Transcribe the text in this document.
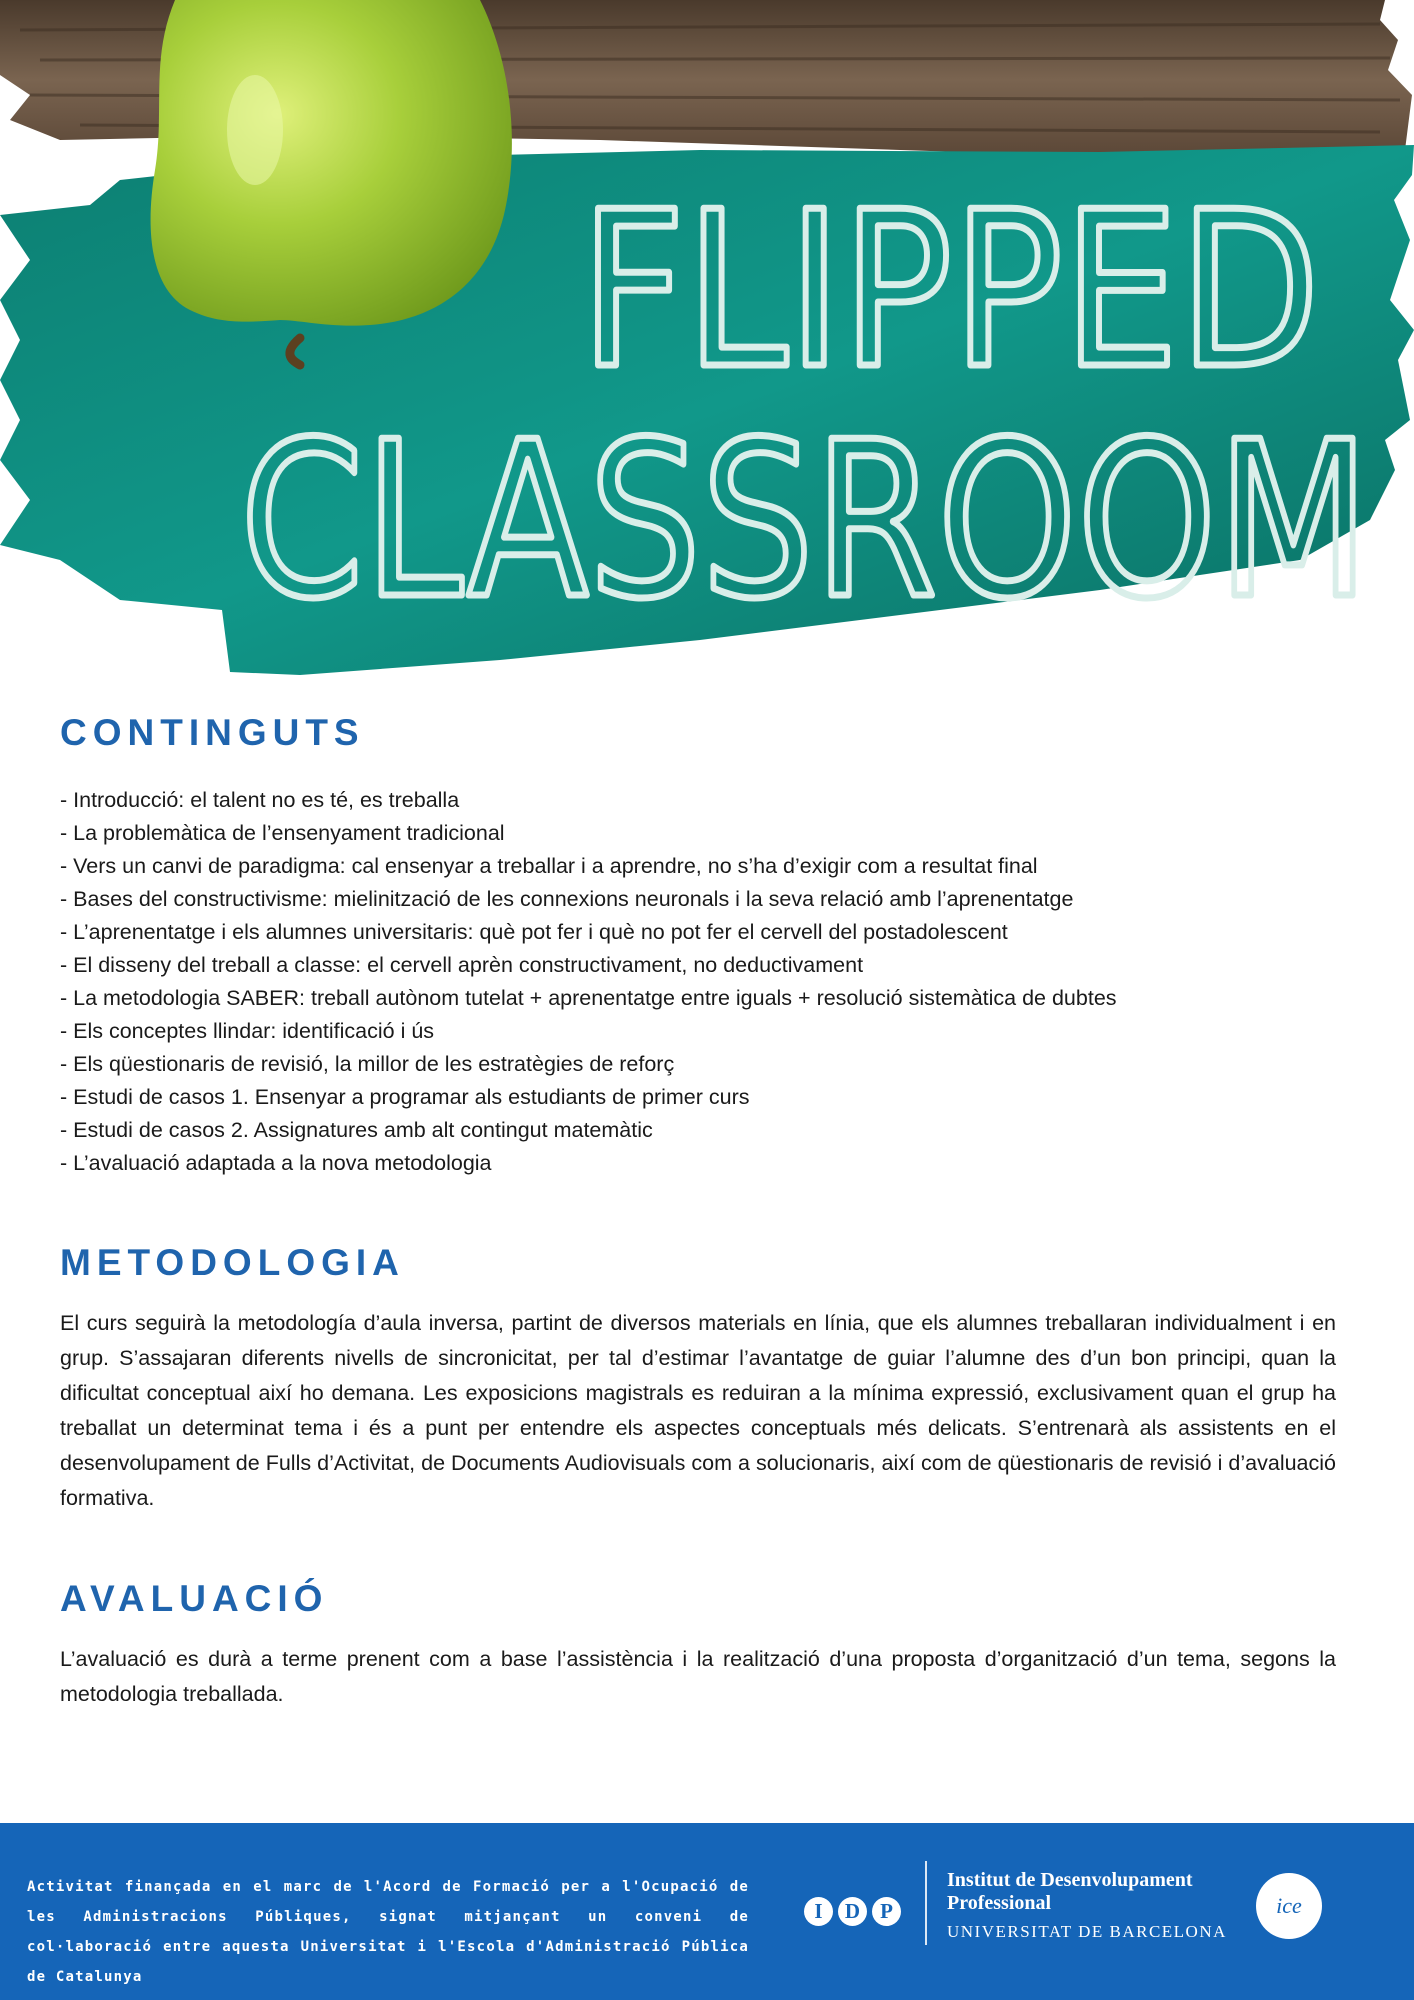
FLIPPED
CLASSROOM
CONTINGUTS
- Introducció: el talent no es té, es treballa
- La problemàtica de l’ensenyament tradicional
- Vers un canvi de paradigma: cal ensenyar a treballar i a aprendre, no s’ha d’exigir com a resultat final
- Bases del constructivisme: mielinització de les connexions neuronals i la seva relació amb l’aprenentatge
- L’aprenentatge i els alumnes universitaris: què pot fer i què no pot fer el cervell del postadolescent
- El disseny del treball a classe: el cervell aprèn constructivament, no deductivament
- La metodologia SABER: treball autònom tutelat + aprenentatge entre iguals + resolució sistemàtica de dubtes
- Els conceptes llindar: identificació i ús
- Els qüestionaris de revisió, la millor de les estratègies de reforç
- Estudi de casos 1. Ensenyar a programar als estudiants de primer curs
- Estudi de casos 2. Assignatures amb alt contingut matemàtic
- L’avaluació adaptada a la nova metodologia
METODOLOGIA

El curs seguirà la metodología d’aula inversa, partint de diversos materials en línia, que els alumnes treballaran individualment i en grup. S’assajaran diferents nivells de sincronicitat, per tal d’estimar l’avantatge de guiar l’alumne des d’un bon principi, quan la dificultat conceptual així ho demana. Les exposicions magistrals es reduiran a la mínima expressió, exclusivament quan el grup ha treballat un determinat tema i és a punt per entendre els aspectes conceptuals més delicats. S’entrenarà als assistents en el desenvolupament de Fulls d’Activitat, de Documents Audiovisuals com a solucionaris, així com de qüestionaris de revisió i d’avaluació formativa.

AVALUACIÓ

L’avaluació es durà a terme prenent com a base l’assistència i la realització d’una proposta d’organització d’un tema, segons la metodologia treballada.

Activitat finançada en el marc de l'Acord de Formació per a l'Ocupació de les Administracions Públiques, signat mitjançant un conveni de col·laboració entre aquesta Universitat i l'Escola d'Administració Pública de Catalunya
I	D P
Institut de Desenvolupament
Professional
UNIVERSITAT DE BARCELONA
ice
